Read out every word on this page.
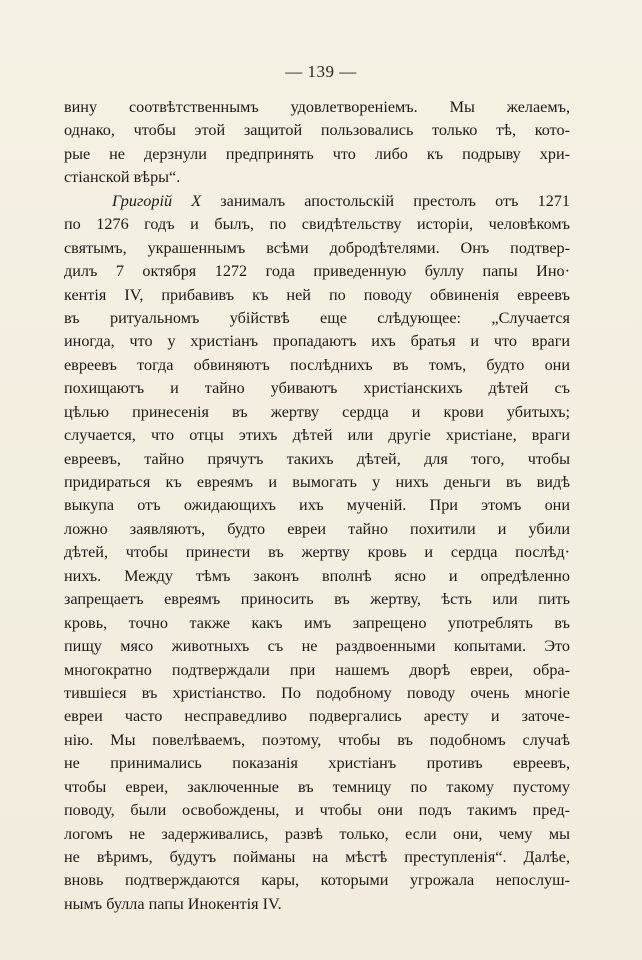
— 139 —
вину соотвѣтственнымъ удовлетворенiемъ. Мы желаемъ,
однако, чтобы этой защитой пользовались только тѣ, кото-
рые не дерзнули предпринять что либо къ подрыву хри-
стiанской вѣры“.
Григорiй X занималъ апостольскiй престолъ отъ 1271
по 1276 годъ и былъ, по свидѣтельству исторiи, человѣкомъ
святымъ, украшеннымъ всѣми добродѣтелями. Онъ подтвер-
дилъ 7 октября 1272 года приведенную буллу папы Ино·
кентiя IV, прибавивъ къ ней по поводу обвиненiя евреевъ
въ ритуальномъ убiйствѣ еще слѣдующее: „Случается
иногда, что у христiанъ пропадаютъ ихъ братья и что враги
евреевъ тогда обвиняютъ послѣднихъ въ томъ, будто они
похищаютъ и тайно убиваютъ христiанскихъ дѣтей съ
цѣлью принесенiя въ жертву сердца и крови убитыхъ;
случается, что отцы этихъ дѣтей или другiе христiане, враги
евреевъ, тайно прячутъ такихъ дѣтей, для того, чтобы
придираться къ евреямъ и вымогать у нихъ деньги въ видѣ
выкупа отъ ожидающихъ ихъ мученiй. При этомъ они
ложно заявляютъ, будто евреи тайно похитили и убили
дѣтей, чтобы принести въ жертву кровь и сердца послѣд·
нихъ. Между тѣмъ законъ вполнѣ ясно и опредѣленно
запрещаетъ евреямъ приносить въ жертву, ѣсть или пить
кровь, точно также какъ имъ запрещено употреблять въ
пищу мясо животныхъ съ не раздвоенными копытами. Это
многократно подтверждали при нашемъ дворѣ евреи, обра-
тившiеся въ христiанство. По подобному поводу очень многiе
евреи часто несправедливо подвергались аресту и заточе-
нiю. Мы повелѣваемъ, поэтому, чтобы въ подобномъ случаѣ
не принимались показанiя христiанъ противъ евреевъ,
чтобы евреи, заключенные въ темницу по такому пустому
поводу, были освобождены, и чтобы они подъ такимъ пред-
логомъ не задерживались, развѣ только, если они, чему мы
не вѣримъ, будутъ пойманы на мѣстѣ преступленiя“. Далѣе,
вновь подтверждаются кары, которыми угрожала непослуш-
нымъ булла папы Инокентiя IV.
